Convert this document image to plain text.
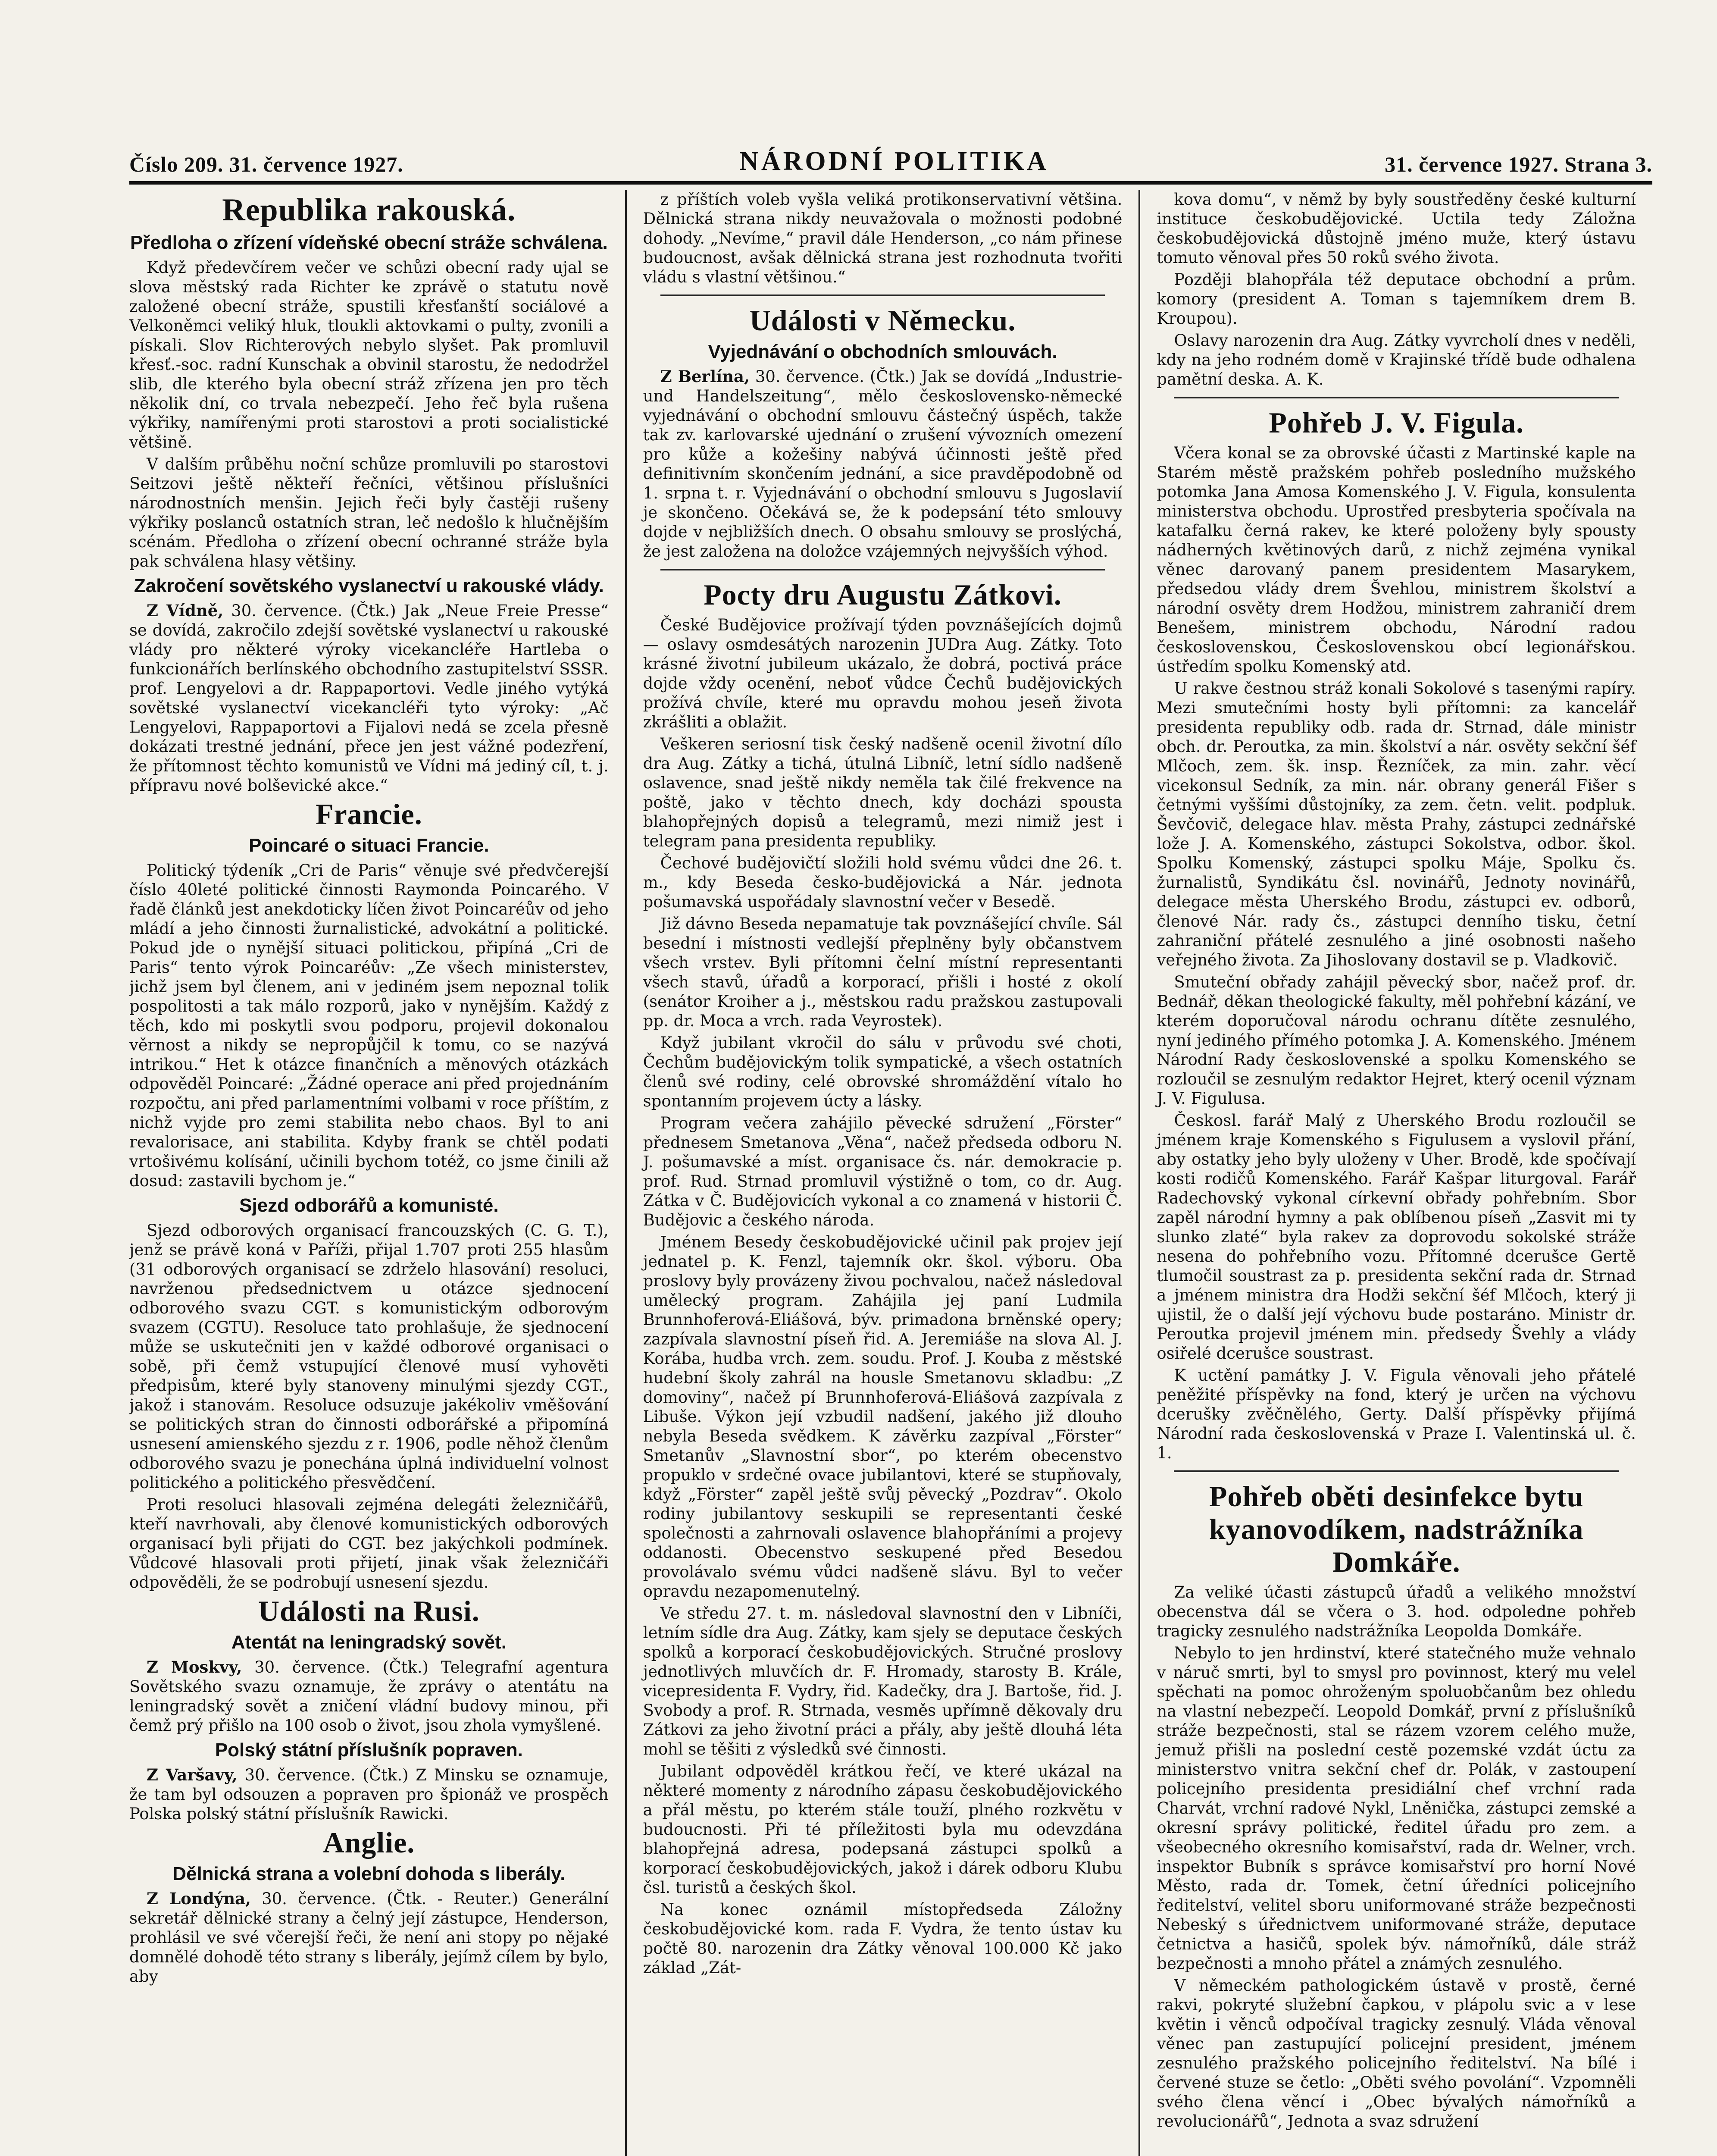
Číslo 209. 31. července 1927.	NÁRODNÍ POLITIKA	31. července 1927. Strana 3.
Republika rakouská.
Předloha o zřízení vídeňské obecní stráže schválena.

Když předevčírem večer ve schůzi obecní rady ujal se slova městský rada Richter ke zprávě o statutu nově založené obecní stráže, spustili křesťanští sociálové a Velkoněmci veliký hluk, tloukli aktovkami o pulty, zvonili a pískali. Slov Richterových nebylo slyšet. Pak promluvil křesť.-soc. radní Kunschak a obvinil starostu, že nedodržel slib, dle kterého byla obecní stráž zřízena jen pro těch několik dní, co trvala nebezpečí. Jeho řeč byla rušena výkřiky, namířenými proti starostovi a proti socialistické většině.

V dalším průběhu noční schůze promluvili po starostovi Seitzovi ještě někteří řečníci, většinou příslušníci národnostních menšin. Jejich řeči byly častěji rušeny výkřiky poslanců ostatních stran, leč nedošlo k hlučnějším scénám. Předloha o zřízení obecní ochranné stráže byla pak schválena hlasy většiny.

Zakročení sovětského vyslanectví u rakouské vlády.

Z Vídně, 30. července. (Čtk.) Jak „Neue Freie Presse“ se dovídá, zakročilo zdejší sovětské vyslanectví u rakouské vlády pro některé výroky vicekancléře Hartleba o funkcionářích berlínského obchodního zastupitelství SSSR. prof. Lengyelovi a dr. Rappaportovi. Vedle jiného vytýká sovětské vyslanectví vicekancléři tyto výroky: „Ač Lengyelovi, Rappaportovi a Fijalovi nedá se zcela přesně dokázati trestné jednání, přece jen jest vážné podezření, že přítomnost těchto komunistů ve Vídni má jediný cíl, t. j. přípravu nové bolševické akce.“

Francie.
Poincaré o situaci Francie.

Politický týdeník „Cri de Paris“ věnuje své předvčerejší číslo 40leté politické činnosti Raymonda Poincarého. V řadě článků jest anekdoticky líčen život Poincaréův od jeho mládí a jeho činnosti žurnalistické, advokátní a politické. Pokud jde o nynější situaci politickou, připíná „Cri de Paris“ tento výrok Poincaréův: „Ze všech ministerstev, jichž jsem byl členem, ani v jediném jsem nepoznal tolik pospolitosti a tak málo rozporů, jako v nynějším. Každý z těch, kdo mi poskytli svou podporu, projevil dokonalou věrnost a nikdy se nepropůjčil k tomu, co se nazývá intrikou.“ Het k otázce finančních a měnových otázkách odpověděl Poincaré: „Žádné operace ani před projednáním rozpočtu, ani před parlamentními volbami v roce příštím, z nichž vyjde pro zemi stabilita nebo chaos. Byl to ani revalorisace, ani stabilita. Kdyby frank se chtěl podati vrtošivému kolísání, učinili bychom totéž, co jsme činili až dosud: zastavili bychom je.“

Sjezd odborářů a komunisté.

Sjezd odborových organisací francouzských (C. G. T.), jenž se právě koná v Paříži, přijal 1.707 proti 255 hlasům (31 odborových organisací se zdrželo hlasování) resoluci, navrženou předsednictvem u otázce sjednocení odborového svazu CGT. s komunistickým odborovým svazem (CGTU). Resoluce tato prohlašuje, že sjednocení může se uskutečniti jen v každé odborové organisaci o sobě, při čemž vstupující členové musí vyhověti předpisům, které byly stanoveny minulými sjezdy CGT., jakož i stanovám. Resoluce odsuzuje jakékoliv vměšování se politických stran do činnosti odborářské a připomíná usnesení amienského sjezdu z r. 1906, podle něhož členům odborového svazu je ponechána úplná individuelní volnost politického a politického přesvědčení.

Proti resoluci hlasovali zejména delegáti železničářů, kteří navrhovali, aby členové komunistických odborových organisací byli přijati do CGT. bez jakýchkoli podmínek. Vůdcové hlasovali proti přijetí, jinak však železničáři odpověděli, že se podrobují usnesení sjezdu.

Události na Rusi.
Atentát na leningradský sovět.

Z Moskvy, 30. července. (Čtk.) Telegrafní agentura Sovětského svazu oznamuje, že zprávy o atentátu na leningradský sovět a zničení vládní budovy minou, při čemž prý přišlo na 100 osob o život, jsou zhola vymyšlené.

Polský státní příslušník popraven.

Z Varšavy, 30. července. (Čtk.) Z Minsku se oznamuje, že tam byl odsouzen a popraven pro špionáž ve prospěch Polska polský státní příslušník Rawicki.

Anglie.
Dělnická strana a volební dohoda s liberály.

Z Londýna, 30. července. (Čtk. - Reuter.) Generální sekretář dělnické strany a čelný její zástupce, Henderson, prohlásil ve své včerejší řeči, že není ani stopy po nějaké domnělé dohodě této strany s liberály, jejímž cílem by bylo, aby

z příštích voleb vyšla veliká protikonservativní většina. Dělnická strana nikdy neuvažovala o možnosti podobné dohody. „Nevíme,“ pravil dále Henderson, „co nám přinese budoucnost, avšak dělnická strana jest rozhodnuta tvořiti vládu s vlastní většinou.“

Události v Německu.
Vyjednávání o obchodních smlouvách.

Z Berlína, 30. července. (Čtk.) Jak se dovídá „Industrie- und Handelszeitung“, mělo československo-německé vyjednávání o obchodní smlouvu částečný úspěch, takže tak zv. karlovarské ujednání o zrušení vývozních omezení pro kůže a kožešiny nabývá účinnosti ještě před definitivním skončením jednání, a sice pravděpodobně od 1. srpna t. r. Vyjednávání o obchodní smlouvu s Jugoslavií je skončeno. Očekává se, že k podepsání této smlouvy dojde v nejbližších dnech. O obsahu smlouvy se proslýchá, že jest založena na doložce vzájemných nejvyšších výhod.

Pocty dru Augustu Zátkovi.

České Budějovice prožívají týden povznášejících dojmů — oslavy osmdesátých narozenin JUDra Aug. Zátky. Toto krásné životní jubileum ukázalo, že dobrá, poctivá práce dojde vždy ocenění, neboť vůdce Čechů budějovických prožívá chvíle, které mu opravdu mohou jeseň života zkrášliti a oblažit.

Veškeren seriosní tisk český nadšeně ocenil životní dílo dra Aug. Zátky a tichá, útulná Libníč, letní sídlo nadšeně oslavence, snad ještě nikdy neměla tak čilé frekvence na poště, jako v těchto dnech, kdy docházi spousta blahopřejných dopisů a telegramů, mezi nimiž jest i telegram pana presidenta republiky.

Čechové budějovičtí složili hold svému vůdci dne 26. t. m., kdy Beseda česko-budějovická a Nár. jednota pošumavská uspořádaly slavnostní večer v Besedě.

Již dávno Beseda nepamatuje tak povznášející chvíle. Sál besední i místnosti vedlejší přeplněny byly občanstvem všech vrstev. Byli přítomni čelní místní representanti všech stavů, úřadů a korporací, přišli i hosté z okolí (senátor Kroiher a j., městskou radu pražskou zastupovali pp. dr. Moca a vrch. rada Veyrostek).

Když jubilant vkročil do sálu v průvodu své choti, Čechům budějovickým tolik sympatické, a všech ostatních členů své rodiny, celé obrovské shromáždění vítalo ho spontanním projevem úcty a lásky.

Program večera zahájilo pěvecké sdružení „Förster“ přednesem Smetanova „Věna“, načež předseda odboru N. J. pošumavské a míst. organisace čs. nár. demokracie p. prof. Rud. Strnad promluvil výstižně o tom, co dr. Aug. Zátka v Č. Budějovicích vykonal a co znamená v historii Č. Budějovic a českého národa.

Jménem Besedy českobudějovické učinil pak projev její jednatel p. K. Fenzl, tajemník okr. škol. výboru. Oba proslovy byly provázeny živou pochvalou, načež následoval umělecký program. Zahájila jej paní Ludmila Brunnhoferová-Eliášová, býv. primadona brněnské opery; zazpívala slavnostní píseň řid. A. Jeremiáše na slova Al. J. Korába, hudba vrch. zem. soudu. Prof. J. Kouba z městské hudební školy zahrál na housle Smetanovu skladbu: „Z domoviny“, načež pí Brunnhoferová-Eliášová zazpívala z Libuše. Výkon její vzbudil nadšení, jakého již dlouho nebyla Beseda svědkem. K závěrku zazpíval „Förster“ Smetanův „Slavnostní sbor“, po kterém obecenstvo propuklo v srdečné ovace jubilantovi, které se stupňovaly, když „Förster“ zapěl ještě svůj pěvecký „Pozdrav“. Okolo rodiny jubilantovy seskupili se representanti české společnosti a zahrnovali oslavence blahopřáními a projevy oddanosti. Obecenstvo seskupené před Besedou provolávalo svému vůdci nadšeně slávu. Byl to večer opravdu nezapomenutelný.

Ve středu 27. t. m. následoval slavnostní den v Libníči, letním sídle dra Aug. Zátky, kam sjely se deputace českých spolků a korporací českobudějovických. Stručné proslovy jednotlivých mluvčích dr. F. Hromady, starosty B. Krále, vicepresidenta F. Vydry, řid. Kadečky, dra J. Bartoše, řid. J. Svobody a prof. R. Strnada, vesměs upřímně děkovaly dru Zátkovi za jeho životní práci a přály, aby ještě dlouhá léta mohl se těšiti z výsledků své činnosti.

Jubilant odpověděl krátkou řečí, ve které ukázal na některé momenty z národního zápasu českobudějovického a přál městu, po kterém stále touží, plného rozkvětu v budoucnosti. Při té příležitosti byla mu odevzdána blahopřejná adresa, podepsaná zástupci spolků a korporací českobudějovických, jakož i dárek odboru Klubu čsl. turistů a českých škol.

Na konec oznámil místopředseda Záložny českobudějovické kom. rada F. Vydra, že tento ústav ku počtě 80. narozenin dra Zátky věnoval 100.000 Kč jako základ „Zát-

kova domu“, v němž by byly soustředěny české kulturní instituce českobudějovické. Uctila tedy Záložna českobudějovická důstojně jméno muže, který ústavu tomuto věnoval přes 50 roků svého života.

Později blahopřála též deputace obchodní a prům. komory (president A. Toman s tajemníkem drem B. Kroupou).

Oslavy narozenin dra Aug. Zátky vyvrcholí dnes v neděli, kdy na jeho rodném domě v Krajinské třídě bude odhalena pamětní deska. A. K.

Pohřeb J. V. Figula.

Včera konal se za obrovské účasti z Martinské kaple na Starém městě pražském pohřeb posledního mužského potomka Jana Amosa Komenského J. V. Figula, konsulenta ministerstva obchodu. Uprostřed presbyteria spočívala na katafalku černá rakev, ke které položeny byly spousty nádherných květinových darů, z nichž zejména vynikal věnec darovaný panem presidentem Masarykem, předsedou vlády drem Švehlou, ministrem školství a národní osvěty drem Hodžou, ministrem zahraničí drem Benešem, ministrem obchodu, Národní radou československou, Československou obcí legionářskou. ústředím spolku Komenský atd.

U rakve čestnou stráž konali Sokolové s tasenými rapíry. Mezi smutečními hosty byli přítomni: za kancelář presidenta republiky odb. rada dr. Strnad, dále ministr obch. dr. Peroutka, za min. školství a nár. osvěty sekční šéf Mlčoch, zem. šk. insp. Řezníček, za min. zahr. věcí vicekonsul Sedník, za min. nár. obrany generál Fišer s četnými vyššími důstojníky, za zem. četn. velit. podpluk. Ševčovič, delegace hlav. města Prahy, zástupci zednářské lože J. A. Komenského, zástupci Sokolstva, odbor. škol. Spolku Komenský, zástupci spolku Máje, Spolku čs. žurnalistů, Syndikátu čsl. novinářů, Jednoty novinářů, delegace města Uherského Brodu, zástupci ev. odborů, členové Nár. rady čs., zástupci denního tisku, četní zahraniční přátelé zesnulého a jiné osobnosti našeho veřejného života. Za Jihoslovany dostavil se p. Vladkovič.

Smuteční obřady zahájil pěvecký sbor, načež prof. dr. Bednář, děkan theologické fakulty, měl pohřební kázání, ve kterém doporučoval národu ochranu dítěte zesnulého, nyní jediného přímého potomka J. A. Komenského. Jménem Národní Rady československé a spolku Komenského se rozloučil se zesnulým redaktor Hejret, který ocenil význam J. V. Figulusa.

Českosl. farář Malý z Uherského Brodu rozloučil se jménem kraje Komenského s Figulusem a vyslovil přání, aby ostatky jeho byly uloženy v Uher. Brodě, kde spočívají kosti rodičů Komenského. Farář Kašpar liturgoval. Farář Radechovský vykonal církevní obřady pohřebním. Sbor zapěl národní hymny a pak oblíbenou píseň „Zasvit mi ty slunko zlaté“ byla rakev za doprovodu sokolské stráže nesena do pohřebního vozu. Přítomné dcerušce Gertě tlumočil soustrast za p. presidenta sekční rada dr. Strnad a jménem ministra dra Hodži sekční šéf Mlčoch, který ji ujistil, že o další její výchovu bude postaráno. Ministr dr. Peroutka projevil jménem min. předsedy Švehly a vlády osiřelé dcerušce soustrast.

K uctění památky J. V. Figula věnovali jeho přátelé peněžité příspěvky na fond, který je určen na výchovu dcerušky zvěčnělého, Gerty. Další příspěvky přijímá Národní rada československá v Praze I. Valentinská ul. č. 1.

Pohřeb oběti desinfekce bytu kyanovodíkem, nadstrážníka Domkáře.

Za veliké účasti zástupců úřadů a velikého množství obecenstva dál se včera o 3. hod. odpoledne pohřeb tragicky zesnulého nadstrážníka Leopolda Domkáře.

Nebylo to jen hrdinství, které statečného muže vehnalo v náruč smrti, byl to smysl pro povinnost, který mu velel spěchati na pomoc ohroženým spoluobčanům bez ohledu na vlastní nebezpečí. Leopold Domkář, první z příslušníků stráže bezpečnosti, stal se rázem vzorem celého muže, jemuž přišli na poslední cestě pozemské vzdát úctu za ministerstvo vnitra sekční chef dr. Polák, v zastoupení policejního presidenta presidiální chef vrchní rada Charvát, vrchní radové Nykl, Lněnička, zástupci zemské a okresní správy politické, ředitel úřadu pro zem. a všeobecného okresního komisařství, rada dr. Welner, vrch. inspektor Bubník s správce komisařství pro horní Nové Město, rada dr. Tomek, četní úředníci policejního ředitelství, velitel sboru uniformované stráže bezpečnosti Nebeský s úřednictvem uniformované stráže, deputace četnictva a hasičů, spolek býv. námořníků, dále stráž bezpečnosti a mnoho přátel a známých zesnulého.

V německém pathologickém ústavě v prostě, černé rakvi, pokryté služební čapkou, v plápolu svic a v lese květin i věnců odpočíval tragicky zesnulý. Vláda věnoval věnec pan zastupující policejní president, jménem zesnulého pražského policejního ředitelství. Na bílé i červené stuze se četlo: „Oběti svého povolání“. Vzpomněli svého člena věncí i „Obec bývalých námořníků a revolucionářů“, Jednota a svaz sdružení
